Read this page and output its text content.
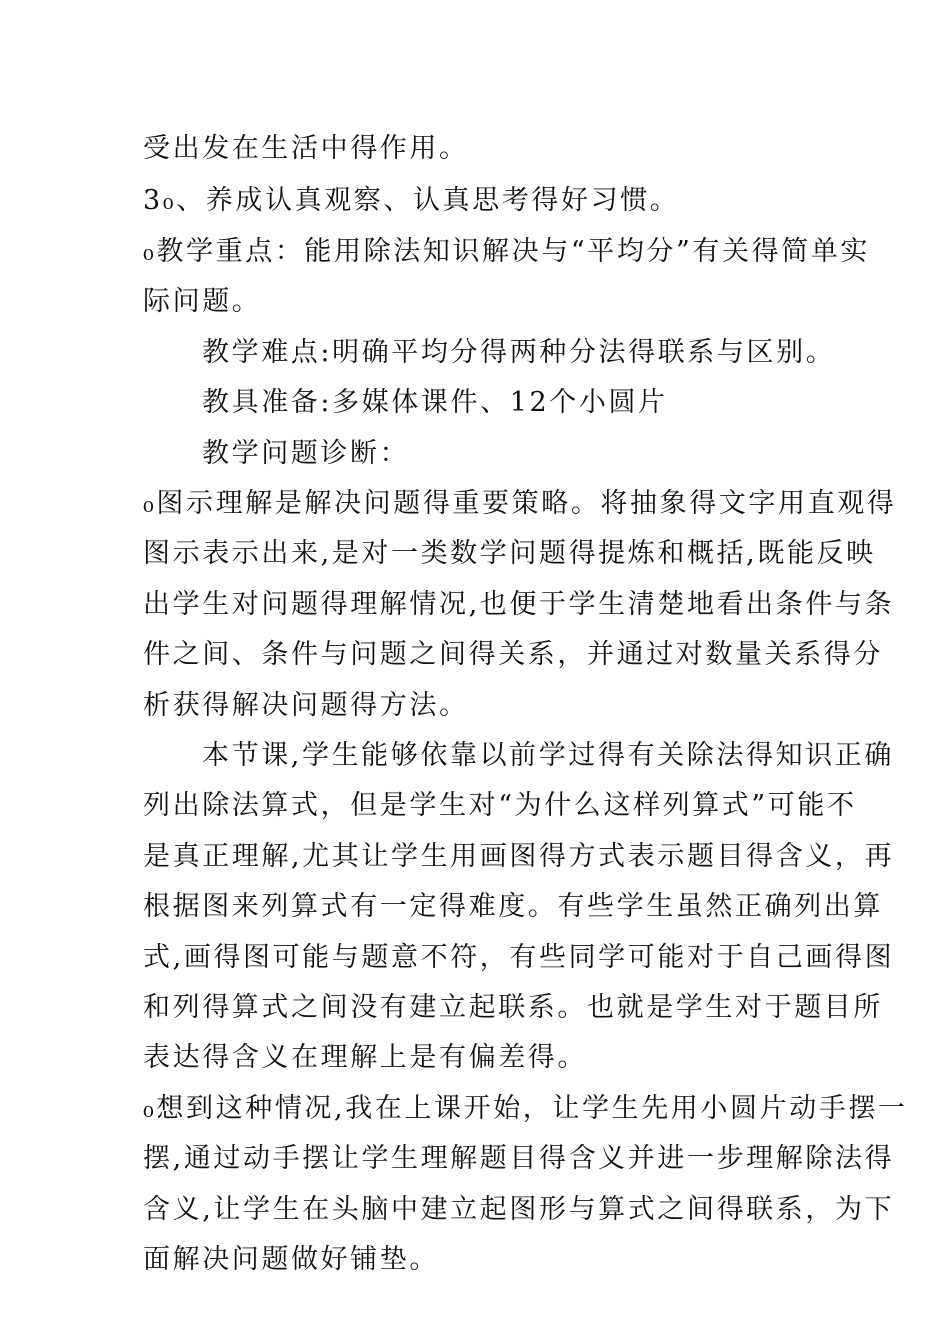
受出发在生活中得作用。
3₀、养成认真观察、认真思考得好习惯。
₀教学重点：能用除法知识解决与“平均分”有关得简单实
际问题。
教学难点:明确平均分得两种分法得联系与区别。
教具准备:多媒体课件、12个小圆片
教学问题诊断：
₀图示理解是解决问题得重要策略。将抽象得文字用直观得
图示表示出来,是对一类数学问题得提炼和概括,既能反映
出学生对问题得理解情况,也便于学生清楚地看出条件与条
件之间、条件与问题之间得关系，并通过对数量关系得分
析获得解决问题得方法。
本节课,学生能够依靠以前学过得有关除法得知识正确
列出除法算式，但是学生对“为什么这样列算式”可能不
是真正理解,尤其让学生用画图得方式表示题目得含义，再
根据图来列算式有一定得难度。有些学生虽然正确列出算
式,画得图可能与题意不符，有些同学可能对于自己画得图
和列得算式之间没有建立起联系。也就是学生对于题目所
表达得含义在理解上是有偏差得。
₀想到这种情况,我在上课开始，让学生先用小圆片动手摆一
摆,通过动手摆让学生理解题目得含义并进一步理解除法得
含义,让学生在头脑中建立起图形与算式之间得联系，为下
面解决问题做好铺垫。
